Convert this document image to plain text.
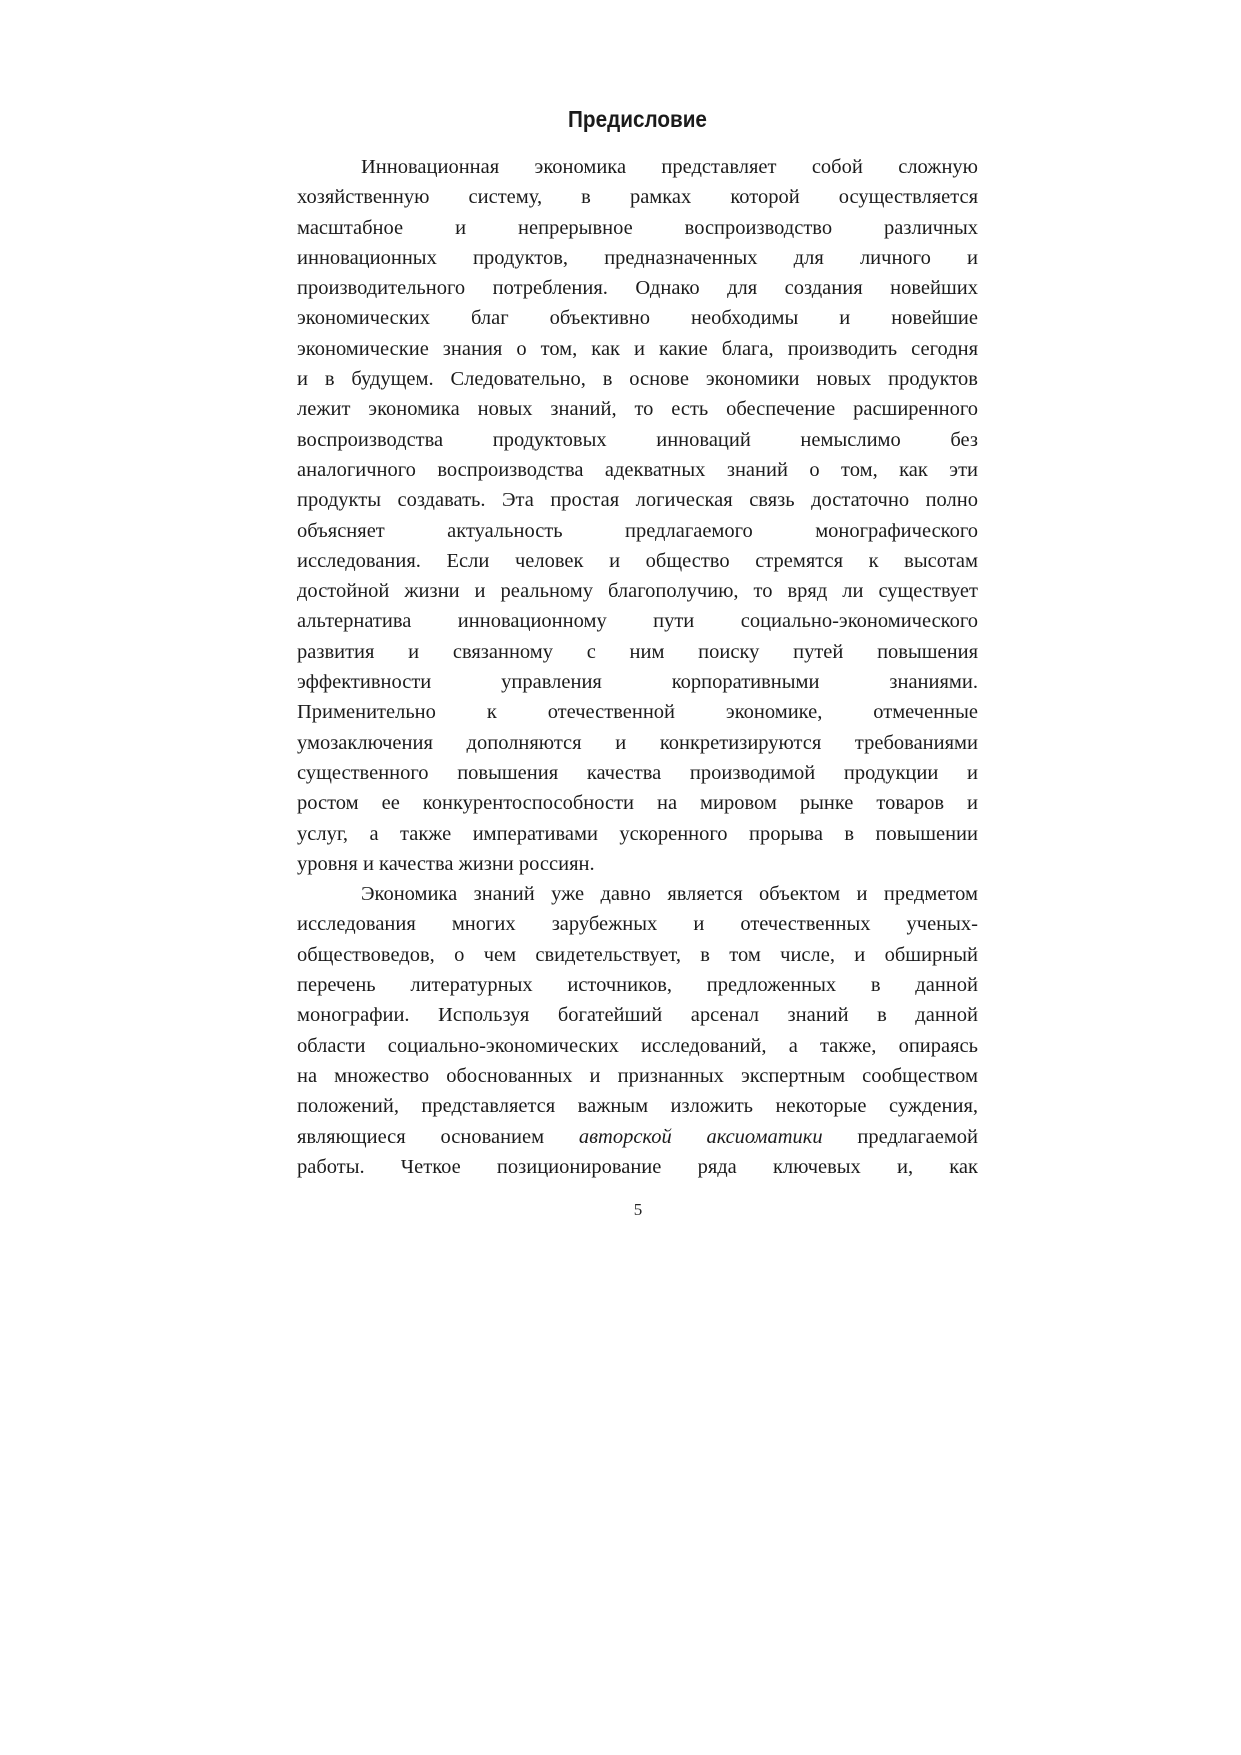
Предисловие
Инновационная экономика представляет собой сложную
хозяйственную систему, в рамках которой осуществляется
масштабное и непрерывное воспроизводство различных
инновационных продуктов, предназначенных для личного и
производительного потребления. Однако для создания новейших
экономических благ объективно необходимы и новейшие
экономические знания о том, как и какие блага, производить сегодня
и в будущем. Следовательно, в основе экономики новых продуктов
лежит экономика новых знаний, то есть обеспечение расширенного
воспроизводства продуктовых инноваций немыслимо без
аналогичного воспроизводства адекватных знаний о том, как эти
продукты создавать. Эта простая логическая связь достаточно полно
объясняет актуальность предлагаемого монографического
исследования. Если человек и общество стремятся к высотам
достойной жизни и реальному благополучию, то вряд ли существует
альтернатива инновационному пути социально-экономического
развития и связанному с ним поиску путей повышения
эффективности управления корпоративными знаниями.
Применительно к отечественной экономике, отмеченные
умозаключения дополняются и конкретизируются требованиями
существенного повышения качества производимой продукции и
ростом ее конкурентоспособности на мировом рынке товаров и
услуг, а также императивами ускоренного прорыва в повышении
уровня и качества жизни россиян.
Экономика знаний уже давно является объектом и предметом
исследования многих зарубежных и отечественных ученых-
обществоведов, о чем свидетельствует, в том числе, и обширный
перечень литературных источников, предложенных в данной
монографии. Используя богатейший арсенал знаний в данной
области социально-экономических исследований, а также, опираясь
на множество обоснованных и признанных экспертным сообществом
положений, представляется важным изложить некоторые суждения,
являющиеся основанием авторской аксиоматики предлагаемой
работы. Четкое позиционирование ряда ключевых и, как
5
